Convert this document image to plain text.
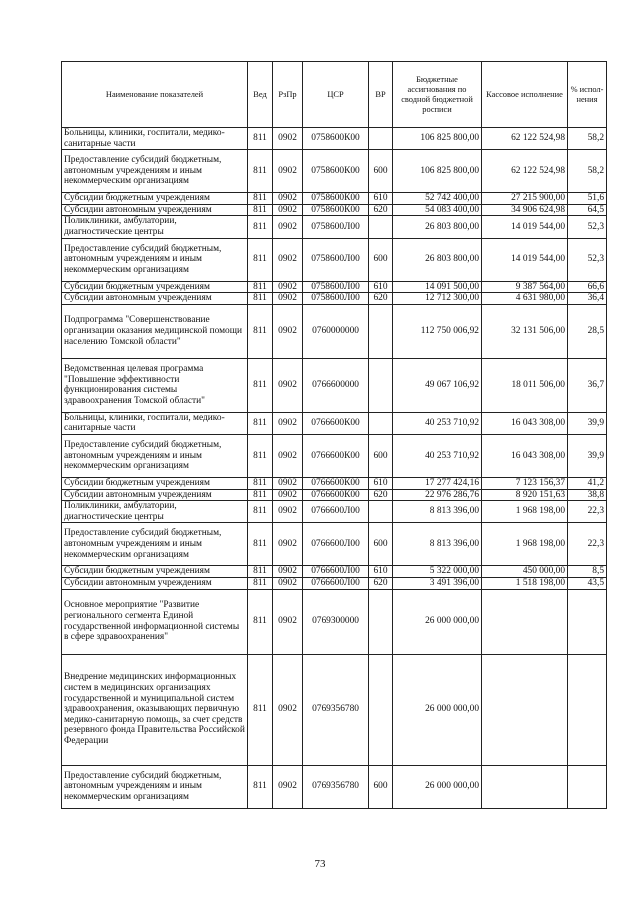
Наименование показателей	Вед	РзПр	ЦСР	ВР	Бюджетные ассигнования по сводной бюджетной росписи	Кассовое исполнение	% испол-нения
Больницы, клиники, госпитали, медико-санитарные части	811	0902	0758600К00		106 825 800,00	62 122 524,98	58,2
Предоставление субсидий бюджетным, автономным учреждениям и иным некоммерческим организациям	811	0902	0758600К00	600	106 825 800,00	62 122 524,98	58,2
Субсидии бюджетным учреждениям	811	0902	0758600К00	610	52 742 400,00	27 215 900,00	51,6
Субсидии автономным учреждениям	811	0902	0758600К00	620	54 083 400,00	34 906 624,98	64,5
Поликлиники, амбулатории, диагностические центры	811	0902	0758600Л00		26 803 800,00	14 019 544,00	52,3
Предоставление субсидий бюджетным, автономным учреждениям и иным некоммерческим организациям	811	0902	0758600Л00	600	26 803 800,00	14 019 544,00	52,3
Субсидии бюджетным учреждениям	811	0902	0758600Л00	610	14 091 500,00	9 387 564,00	66,6
Субсидии автономным учреждениям	811	0902	0758600Л00	620	12 712 300,00	4 631 980,00	36,4
Подпрограмма "Совершенствование организации оказания медицинской помощи населению Томской области"	811	0902	0760000000		112 750 006,92	32 131 506,00	28,5
Ведомственная целевая программа "Повышение эффективности функционирования системы здравоохранения Томской области"	811	0902	0766600000		49 067 106,92	18 011 506,00	36,7
Больницы, клиники, госпитали, медико-санитарные части	811	0902	0766600К00		40 253 710,92	16 043 308,00	39,9
Предоставление субсидий бюджетным, автономным учреждениям и иным некоммерческим организациям	811	0902	0766600К00	600	40 253 710,92	16 043 308,00	39,9
Субсидии бюджетным учреждениям	811	0902	0766600К00	610	17 277 424,16	7 123 156,37	41,2
Субсидии автономным учреждениям	811	0902	0766600К00	620	22 976 286,76	8 920 151,63	38,8
Поликлиники, амбулатории, диагностические центры	811	0902	0766600Л00		8 813 396,00	1 968 198,00	22,3
Предоставление субсидий бюджетным, автономным учреждениям и иным некоммерческим организациям	811	0902	0766600Л00	600	8 813 396,00	1 968 198,00	22,3
Субсидии бюджетным учреждениям	811	0902	0766600Л00	610	5 322 000,00	450 000,00	8,5
Субсидии автономным учреждениям	811	0902	0766600Л00	620	3 491 396,00	1 518 198,00	43,5
Основное мероприятие "Развитие регионального сегмента Единой государственной информационной системы в сфере здравоохранения"	811	0902	0769300000		26 000 000,00		
Внедрение медицинских информационных систем в медицинских организациях государственной и муниципальной систем здравоохранения, оказывающих первичную медико-санитарную помощь, за счет средств резервного фонда Правительства Российской Федерации	811	0902	0769356780		26 000 000,00		
Предоставление субсидий бюджетным, автономным учреждениям и иным некоммерческим организациям	811	0902	0769356780	600	26 000 000,00		
73
